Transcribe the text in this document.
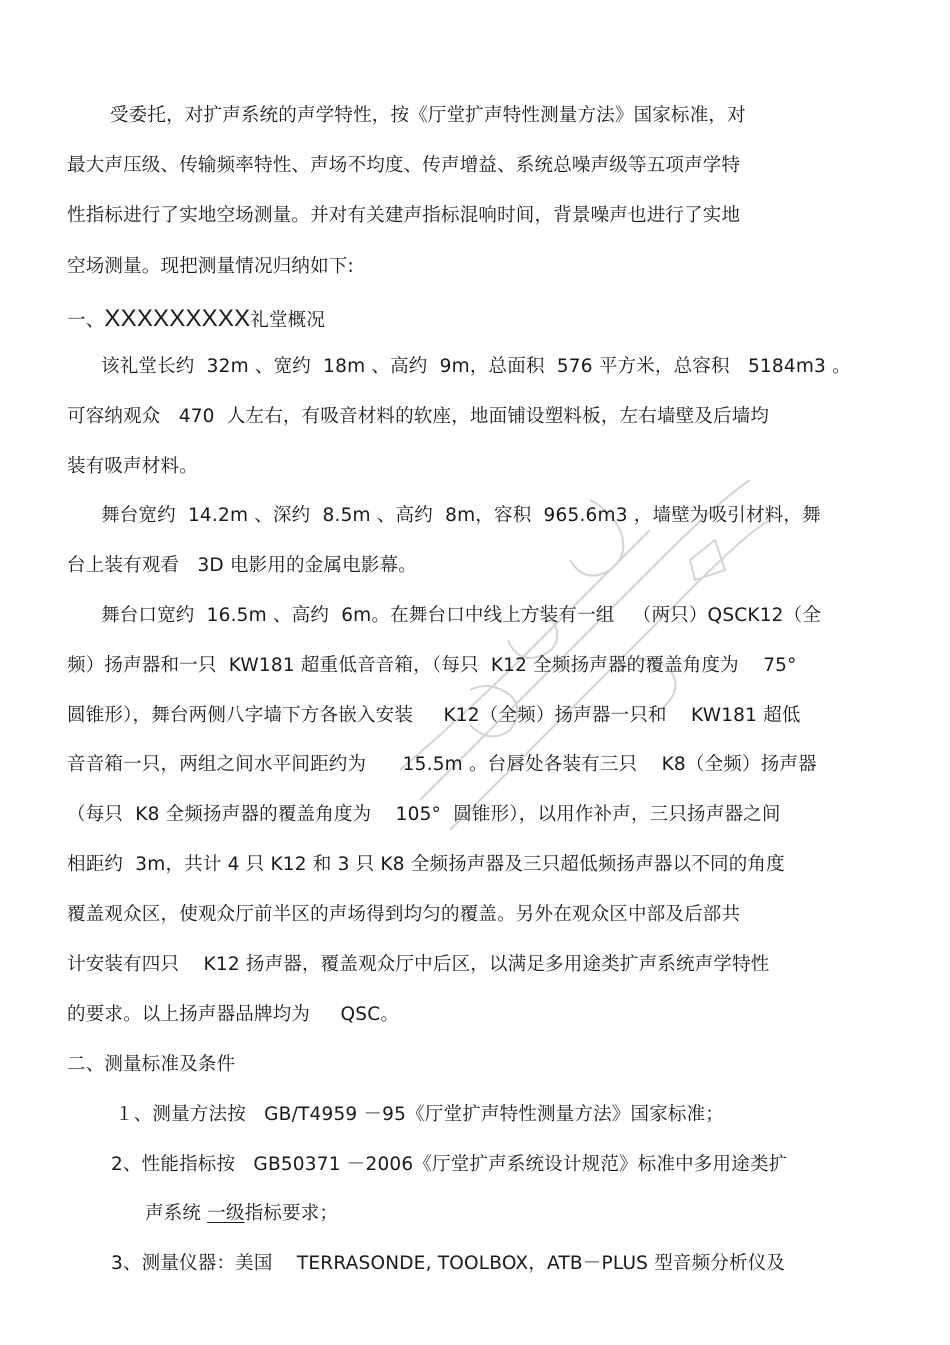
受委托，对扩声系统的声学特性，按《厅堂扩声特性测量方法》国家标准，对
最大声压级、传输频率特性、声场不均度、传声增益、系统总噪声级等五项声学特
性指标进行了实地空场测量。并对有关建声指标混响时间，背景噪声也进行了实地
空场测量。现把测量情况归纳如下:
一、XXXXXXXXX礼堂概况
该礼堂长约  32m 、宽约  18m 、高约  9m，总面积  576 平方米，总容积   5184m3 。
可容纳观众   470  人左右，有吸音材料的软座，地面铺设塑料板，左右墙壁及后墙均
装有吸声材料。
舞台宽约  14.2m 、深约  8.5m 、高约  8m，容积  965.6m3 ，墙壁为吸引材料，舞
台上装有观看   3D 电影用的金属电影幕。
舞台口宽约  16.5m 、高约  6m。在舞台口中线上方装有一组   （两只）QSCK12（全
频）扬声器和一只  KW181 超重低音音箱，（每只  K12 全频扬声器的覆盖角度为    75°
圆锥形），舞台两侧八字墙下方各嵌入安装     K12（全频）扬声器一只和    KW181 超低
音音箱一只，两组之间水平间距约为      15.5m 。台唇处各装有三只    K8（全频）扬声器
（每只  K8 全频扬声器的覆盖角度为    105°  圆锥形），以用作补声，三只扬声器之间
相距约  3m，共计 4 只 K12 和 3 只 K8 全频扬声器及三只超低频扬声器以不同的角度
覆盖观众区，使观众厅前半区的声场得到均匀的覆盖。另外在观众区中部及后部共
计安装有四只    K12 扬声器，覆盖观众厅中后区，以满足多用途类扩声系统声学特性
的要求。以上扬声器品牌均为     QSC。
二、测量标准及条件
１、测量方法按   GB/T4959 －95《厅堂扩声特性测量方法》国家标准；
2、性能指标按   GB50371 －2006《厅堂扩声系统设计规范》标准中多用途类扩
声系统 一级指标要求；
3、测量仪器：美国    TERRASONDE, TOOLBOX，ATB－PLUS 型音频分析仪及
